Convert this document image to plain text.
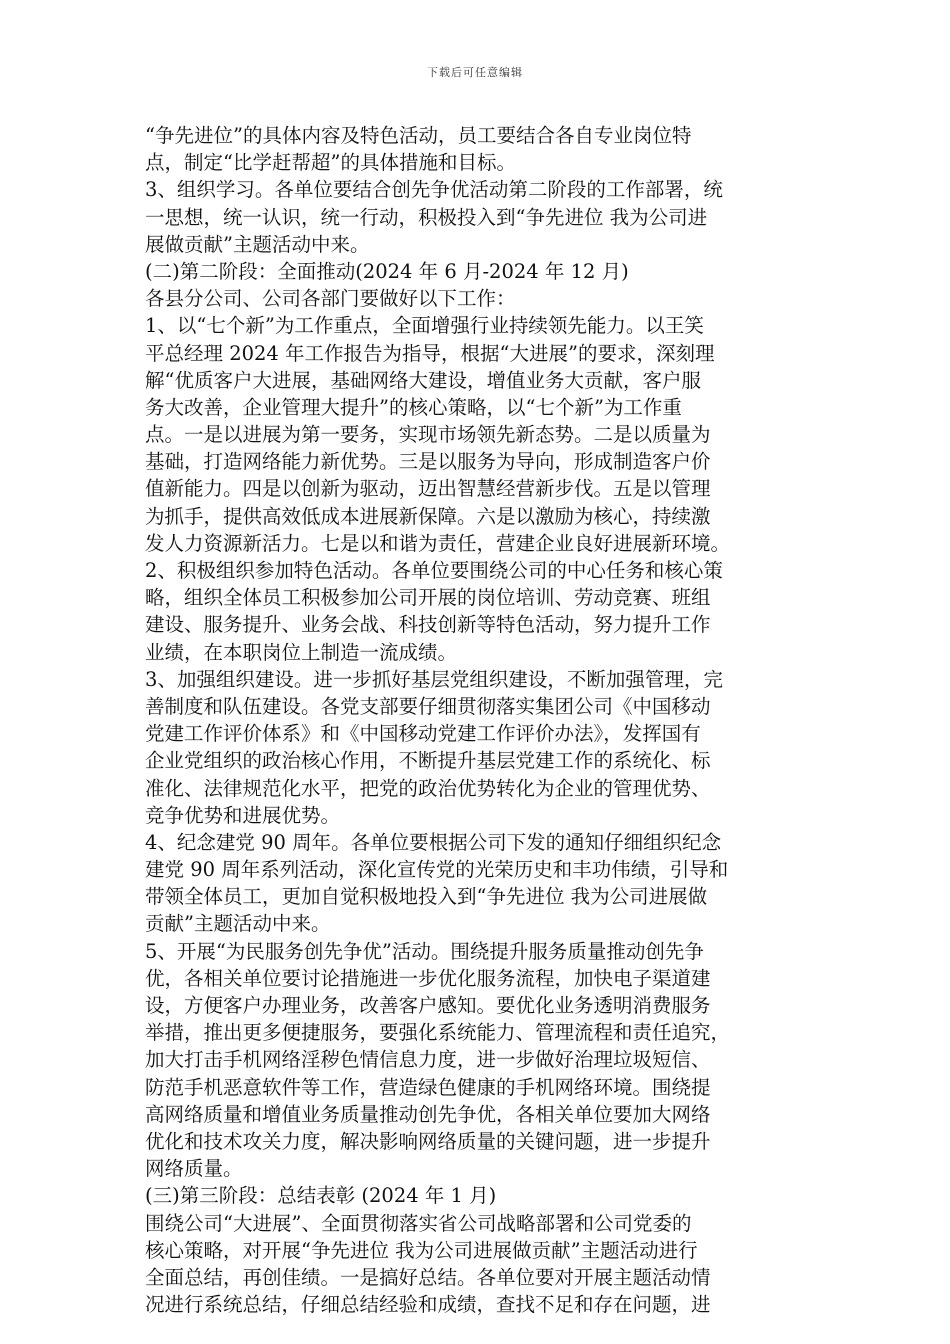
下载后可任意编辑

“争先进位”的具体内容及特色活动，员工要结合各自专业岗位特

点，制定“比学赶帮超”的具体措施和目标。

3、组织学习。各单位要结合创先争优活动第二阶段的工作部署，统

一思想，统一认识，统一行动，积极投入到“争先进位 我为公司进

展做贡献”主题活动中来。

(二)第二阶段：全面推动(2024 年 6 月-2024 年 12 月)

各县分公司、公司各部门要做好以下工作：

1、以“七个新”为工作重点，全面增强行业持续领先能力。以王笑

平总经理 2024 年工作报告为指导，根据“大进展”的要求，深刻理

解“优质客户大进展，基础网络大建设，增值业务大贡献，客户服

务大改善，企业管理大提升”的核心策略，以“七个新”为工作重

点。一是以进展为第一要务，实现市场领先新态势。二是以质量为

基础，打造网络能力新优势。三是以服务为导向，形成制造客户价

值新能力。四是以创新为驱动，迈出智慧经营新步伐。五是以管理

为抓手，提供高效低成本进展新保障。六是以激励为核心，持续激

发人力资源新活力。七是以和谐为责任，营建企业良好进展新环境。

2、积极组织参加特色活动。各单位要围绕公司的中心任务和核心策

略，组织全体员工积极参加公司开展的岗位培训、劳动竞赛、班组

建设、服务提升、业务会战、科技创新等特色活动，努力提升工作

业绩，在本职岗位上制造一流成绩。

3、加强组织建设。进一步抓好基层党组织建设，不断加强管理，完

善制度和队伍建设。各党支部要仔细贯彻落实集团公司《中国移动

党建工作评价体系》和《中国移动党建工作评价办法》，发挥国有

企业党组织的政治核心作用，不断提升基层党建工作的系统化、标

准化、法律规范化水平，把党的政治优势转化为企业的管理优势、

竞争优势和进展优势。

4、纪念建党 90 周年。各单位要根据公司下发的通知仔细组织纪念

建党 90 周年系列活动，深化宣传党的光荣历史和丰功伟绩，引导和

带领全体员工，更加自觉积极地投入到“争先进位 我为公司进展做

贡献”主题活动中来。

5、开展“为民服务创先争优”活动。围绕提升服务质量推动创先争

优，各相关单位要讨论措施进一步优化服务流程，加快电子渠道建

设，方便客户办理业务，改善客户感知。要优化业务透明消费服务

举措，推出更多便捷服务，要强化系统能力、管理流程和责任追究，

加大打击手机网络淫秽色情信息力度，进一步做好治理垃圾短信、

防范手机恶意软件等工作，营造绿色健康的手机网络环境。围绕提

高网络质量和增值业务质量推动创先争优，各相关单位要加大网络

优化和技术攻关力度，解决影响网络质量的关键问题，进一步提升

网络质量。

(三)第三阶段：总结表彰 (2024 年 1 月)

围绕公司“大进展”、全面贯彻落实省公司战略部署和公司党委的

核心策略，对开展“争先进位 我为公司进展做贡献”主题活动进行

全面总结，再创佳绩。一是搞好总结。各单位要对开展主题活动情

况进行系统总结，仔细总结经验和成绩，查找不足和存在问题，进
